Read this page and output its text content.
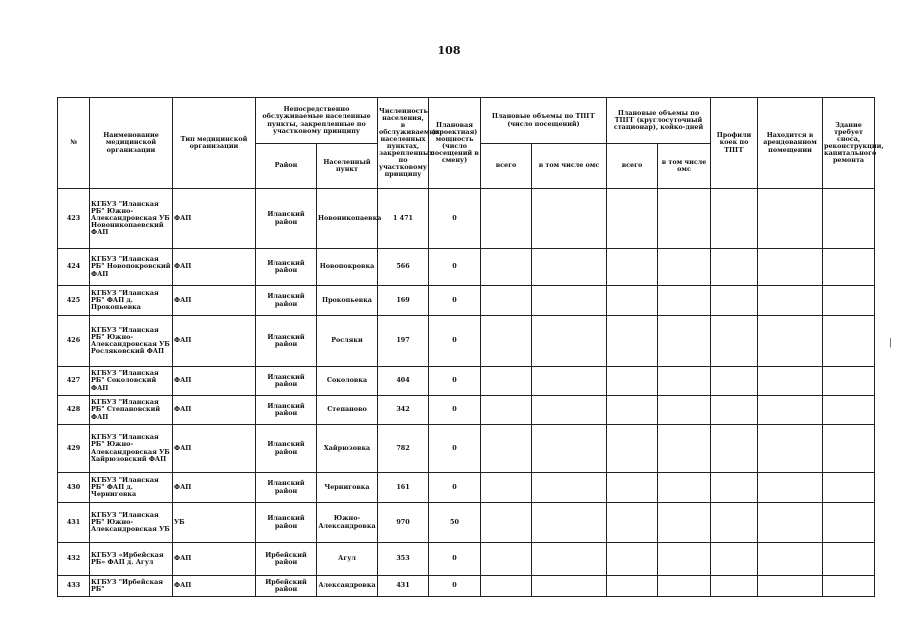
108
№	Наименование медицинской организации	Тип медицинской организации	Непосредственно обслуживаемые населенные пункты, закрепленные по участковому принципу		Численность населения, в обслуживаемых населенных пунктах, закрепленных по участковому принципу	Плановая (проектная) мощность (число посещений в смену)	Плановые объемы по ТПГГ (число посещений)		Плановые объемы по ТПГГ (круглосуточный стационар), койко-дней		Профили коек по ТПГГ	Находится в арендованном помещении	Здание требует сноса, реконструкции, капитального ремонта
			Район	Населенный пункт			всего	в том числе омс	всего	в том числе омс			
423	КГБУЗ "Иланская РБ" Южно-Александровская УБ Новоникопаевский ФАП	ФАП	Иланский район	Новоникопаевка	1 471	0							
424	КГБУЗ "Иланская РБ" Новопокровский ФАП	ФАП	Иланский район	Новопокровка	566	0							
425	КГБУЗ "Иланская РБ" ФАП д. Прокопьевка	ФАП	Иланский район	Прокопьевка	169	0							
426	КГБУЗ "Иланская РБ" Южно-Александровская УБ Росляковский ФАП	ФАП	Иланский район	Росляки	197	0							
427	КГБУЗ "Иланская РБ" Соколовский ФАП	ФАП	Иланский район	Соколовка	404	0							
428	КГБУЗ "Иланская РБ" Степановский ФАП	ФАП	Иланский район	Степаново	342	0							
429	КГБУЗ "Иланская РБ" Южно-Александровская УБ Хайрюзовский ФАП	ФАП	Иланский район	Хайрюзовка	782	0							
430	КГБУЗ "Иланская РБ" ФАП д. Черниговка	ФАП	Иланский район	Черниговка	161	0							
431	КГБУЗ "Иланская РБ" Южно-Александровская УБ	УБ	Иланский район	Южно-Александровка	970	50							
432	КГБУЗ «Ирбейская РБ» ФАП д. Агул	ФАП	Ирбейский район	Агул	353	0							
433	КГБУЗ "Ирбейская РБ"	ФАП	Ирбейский район	Александровка	431	0							
|
